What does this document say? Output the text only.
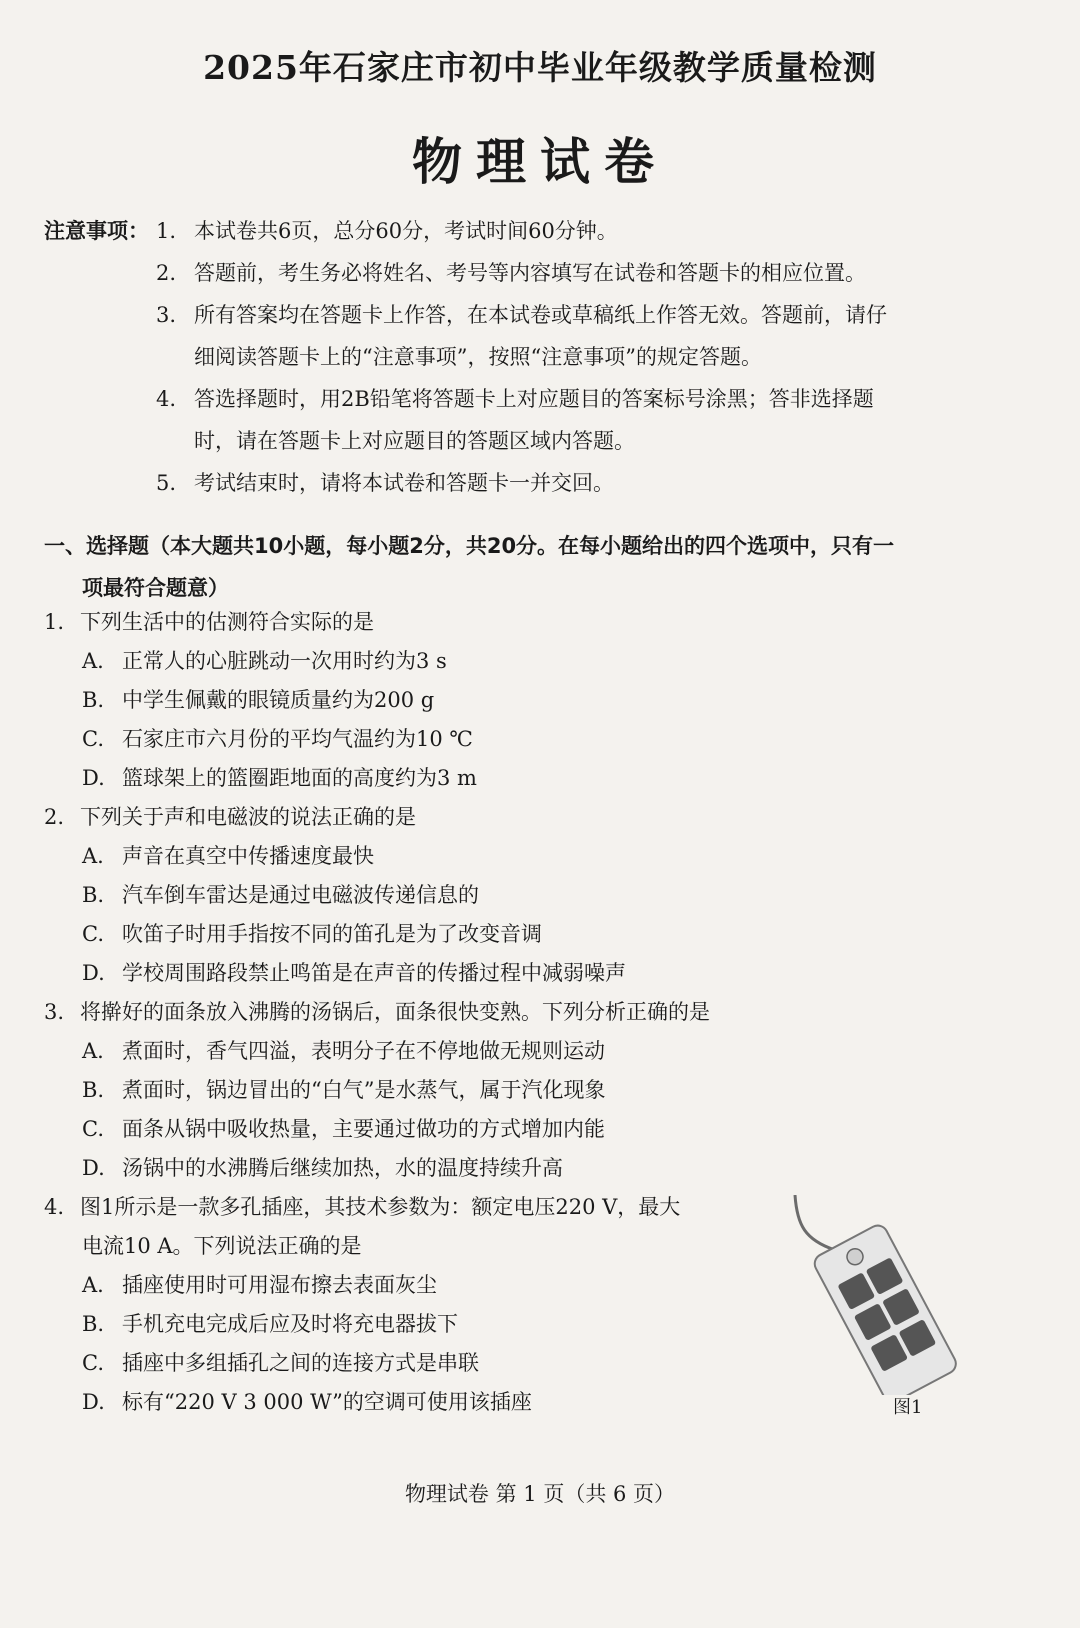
2025年石家庄市初中毕业年级教学质量检测
物理试卷
注意事项： 1. 本试卷共6页，总分60分，考试时间60分钟。
2. 答题前，考生务必将姓名、考号等内容填写在试卷和答题卡的相应位置。
3. 所有答案均在答题卡上作答，在本试卷或草稿纸上作答无效。答题前，请仔
细阅读答题卡上的“注意事项”，按照“注意事项”的规定答题。
4. 答选择题时，用2B铅笔将答题卡上对应题目的答案标号涂黑；答非选择题
时，请在答题卡上对应题目的答题区域内答题。
5. 考试结束时，请将本试卷和答题卡一并交回。
一、选择题（本大题共10小题，每小题2分，共20分。在每小题给出的四个选项中，只有一
项最符合题意）
1. 下列生活中的估测符合实际的是
A. 正常人的心脏跳动一次用时约为3 s
B. 中学生佩戴的眼镜质量约为200 g
C. 石家庄市六月份的平均气温约为10 ℃
D. 篮球架上的篮圈距地面的高度约为3 m
2. 下列关于声和电磁波的说法正确的是
A. 声音在真空中传播速度最快
B. 汽车倒车雷达是通过电磁波传递信息的
C. 吹笛子时用手指按不同的笛孔是为了改变音调
D. 学校周围路段禁止鸣笛是在声音的传播过程中减弱噪声
3. 将擀好的面条放入沸腾的汤锅后，面条很快变熟。下列分析正确的是
A. 煮面时，香气四溢，表明分子在不停地做无规则运动
B. 煮面时，锅边冒出的“白气”是水蒸气，属于汽化现象
C. 面条从锅中吸收热量，主要通过做功的方式增加内能
D. 汤锅中的水沸腾后继续加热，水的温度持续升高
4. 图1所示是一款多孔插座，其技术参数为：额定电压220 V，最大
电流10 A。下列说法正确的是
A. 插座使用时可用湿布擦去表面灰尘
B. 手机充电完成后应及时将充电器拔下
C. 插座中多组插孔之间的连接方式是串联
D. 标有“220 V 3 000 W”的空调可使用该插座	图1
物理试卷 第 1 页（共 6 页）
